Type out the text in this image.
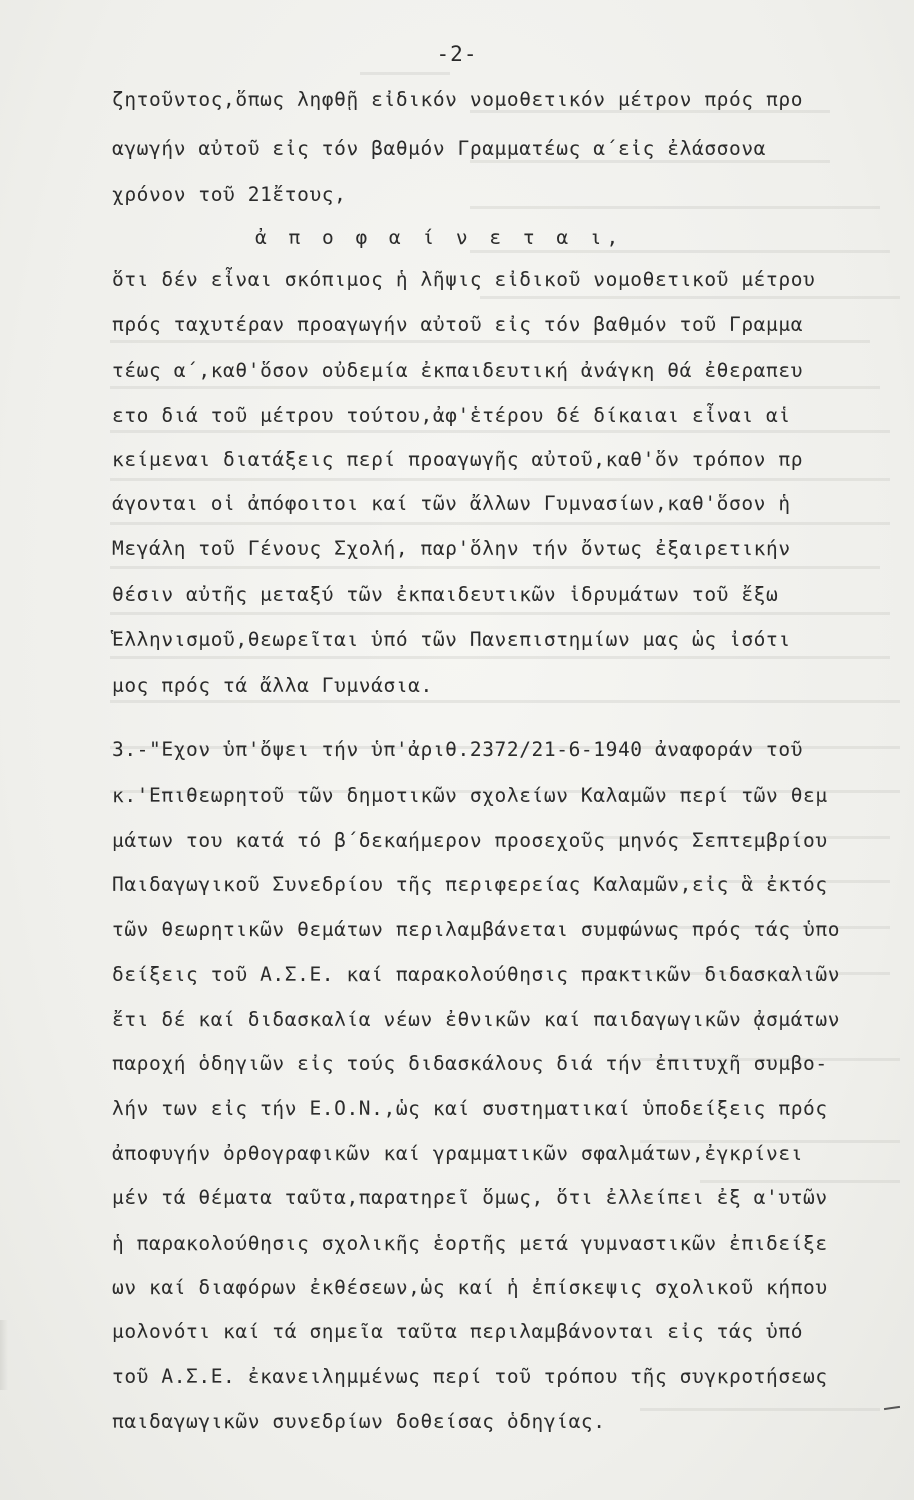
-2-
ζητοῦντος,ὅπως ληφθῇ εἰδικόν νομοθετικόν μέτρον πρός προ
αγωγήν αὐτοῦ εἰς τόν βαθμόν Γραμματέως α΄εἰς ἐλάσσονα
χρόνον τοῦ 21ἔτους,
ἀ π ο φ α ί ν ε τ α ι,
ὅτι δέν εἶναι σκόπιμος ἡ λῆψις εἰδικοῦ νομοθετικοῦ μέτρου
πρός ταχυτέραν προαγωγήν αὐτοῦ εἰς τόν βαθμόν τοῦ Γραμμα
τέως α΄,καθ'ὅσον οὐδεμία ἐκπαιδευτική ἀνάγκη θά ἐθεραπευ
ετο διά τοῦ μέτρου τούτου,ἀφ'ἑτέρου δέ δίκαιαι εἶναι αἱ
κείμεναι διατάξεις περί προαγωγῆς αὐτοῦ,καθ'ὅν τρόπον πρ
άγονται οἱ ἀπόφοιτοι καί τῶν ἄλλων Γυμνασίων,καθ'ὅσον ἡ
Μεγάλη τοῦ Γένους Σχολή, παρ'ὅλην τήν ὄντως ἐξαιρετικήν
θέσιν αὐτῆς μεταξύ τῶν ἐκπαιδευτικῶν ἱδρυμάτων τοῦ ἔξω
Ἑλληνισμοῦ,θεωρεῖται ὑπό τῶν Πανεπιστημίων μας ὡς ἰσότι
μος πρός τά ἄλλα Γυμνάσια.
3.-"Εχον ὑπ'ὄψει τήν ὑπ'ἀριθ.2372/21-6-1940 ἀναφοράν τοῦ
κ.'Επιθεωρητοῦ τῶν δημοτικῶν σχολείων Καλαμῶν περί τῶν θεμ
μάτων του κατά τό β΄δεκαήμερον προσεχοῦς μηνός Σεπτεμβρίου
Παιδαγωγικοῦ Συνεδρίου τῆς περιφερείας Καλαμῶν,εἰς ἃ ἐκτός
τῶν θεωρητικῶν θεμάτων περιλαμβάνεται συμφώνως πρός τάς ὑπο
δείξεις τοῦ Α.Σ.Ε. καί παρακολούθησις πρακτικῶν διδασκαλιῶν
ἔτι δέ καί διδασκαλία νέων ἐθνικῶν καί παιδαγωγικῶν ᾀσμάτων
παροχή ὁδηγιῶν εἰς τούς διδασκάλους διά τήν ἐπιτυχῆ συμβο-
λήν των εἰς τήν Ε.Ο.Ν.,ὡς καί συστηματικαί ὑποδείξεις πρός
ἀποφυγήν ὀρθογραφικῶν καί γραμματικῶν σφαλμάτων,ἐγκρίνει
μέν τά θέματα ταῦτα,παρατηρεῖ ὅμως, ὅτι ἐλλείπει ἐξ α'υτῶν
ἡ παρακολούθησις σχολικῆς ἑορτῆς μετά γυμναστικῶν ἐπιδείξε
ων καί διαφόρων ἐκθέσεων,ὡς καί ἡ ἐπίσκεψις σχολικοῦ κήπου
μολονότι καί τά σημεῖα ταῦτα περιλαμβάνονται εἰς τάς ὑπό
τοῦ Α.Σ.Ε. ἐκανειλημμένως περί τοῦ τρόπου τῆς συγκροτήσεως
παιδαγωγικῶν συνεδρίων δοθείσας ὁδηγίας.
